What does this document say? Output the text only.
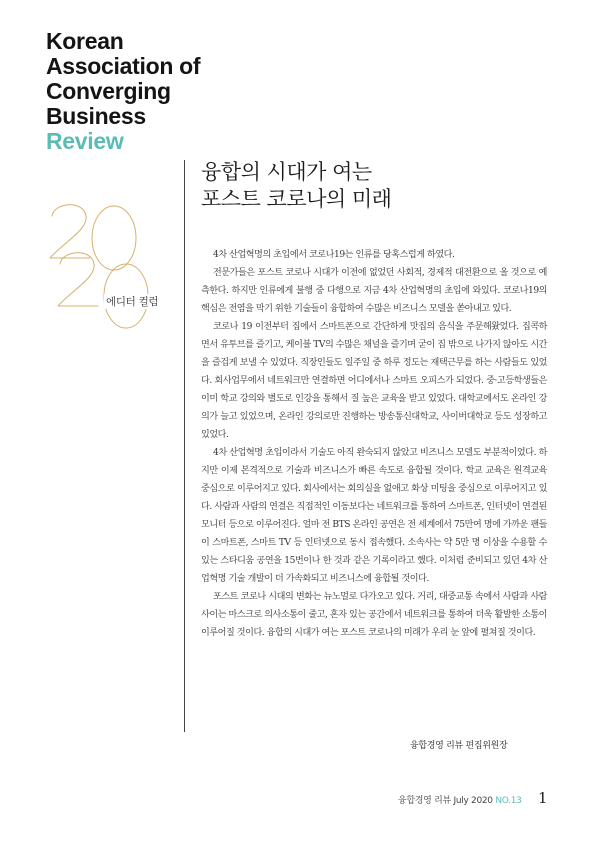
Korean
Association of
Converging
Business
Review
융합의 시대가 여는
포스트 코로나의 미래
에디터 컬럼

4차 산업혁명의 초입에서 코로나19는 인류를 당혹스럽게 하였다.

전문가들은 포스트 코로나 시대가 이전에 없었던 사회적, 경제적 대전환으로 올 것으로 예측한다. 하지만 인류에게 불행 중 다행으로 지금 4차 산업혁명의 초입에 와있다. 코로나19의 핵심은 전염을 막기 위한 기술들이 융합하여 수많은 비즈니스 모델을 쏟아내고 있다.

코로나 19 이전부터 집에서 스마트폰으로 간단하게 맛집의 음식을 주문해왔었다. 집콕하면서 유투브를 즐기고, 케이블 TV의 수많은 채널을 즐기며 굳이 집 밖으로 나가지 않아도 시간을 즐겁게 보낼 수 있었다. 직장인들도 일주일 중 하루 정도는 재택근무를 하는 사람들도 있었다. 회사업무에서 네트워크만 연결하면 어디에서나 스마트 오피스가 되었다. 중·고등학생들은 이미 학교 강의와 별도로 인강을 통해서 질 높은 교육을 받고 있었다. 대학교에서도 온라인 강의가 늘고 있었으며, 온라인 강의로만 진행하는 방송통신대학교, 사이버대학교 등도 성장하고 있었다.

4차 산업혁명 초입이라서 기술도 아직 완숙되지 않았고 비즈니스 모델도 부분적이었다. 하지만 이제 본격적으로 기술과 비즈니스가 빠른 속도로 융합될 것이다. 학교 교육은 원격교육 중심으로 이루어지고 있다. 회사에서는 회의실을 없애고 화상 미팅을 중심으로 이루어지고 있다. 사람과 사람의 연결은 직접적인 이동보다는 네트워크를 통하여 스마트폰, 인터넷이 연결된 모니터 등으로 이루어진다. 얼마 전 BTS 온라인 공연은 전 세계에서 75만여 명에 가까운 팬들이 스마트폰, 스마트 TV 등 인터넷으로 동시 접속했다. 소속사는 약 5만 명 이상을 수용할 수 있는 스타디움 공연을 15번이나 한 것과 같은 기록이라고 했다. 이처럼 준비되고 있던 4차 산업혁명 기술 개발이 더 가속화되고 비즈니스에 융합될 것이다.

포스트 코로나 시대의 변화는 뉴노멀로 다가오고 있다. 거리, 대중교통 속에서 사람과 사람 사이는 마스크로 의사소통이 줄고, 혼자 있는 공간에서 네트워크를 통하여 더욱 활발한 소통이 이루어질 것이다. 융합의 시대가 여는 포스트 코로나의 미래가 우리 눈 앞에 펼쳐질 것이다.

융합경영 리뷰 편집위원장
융합경영 리뷰 July 2020 NO.13 1
